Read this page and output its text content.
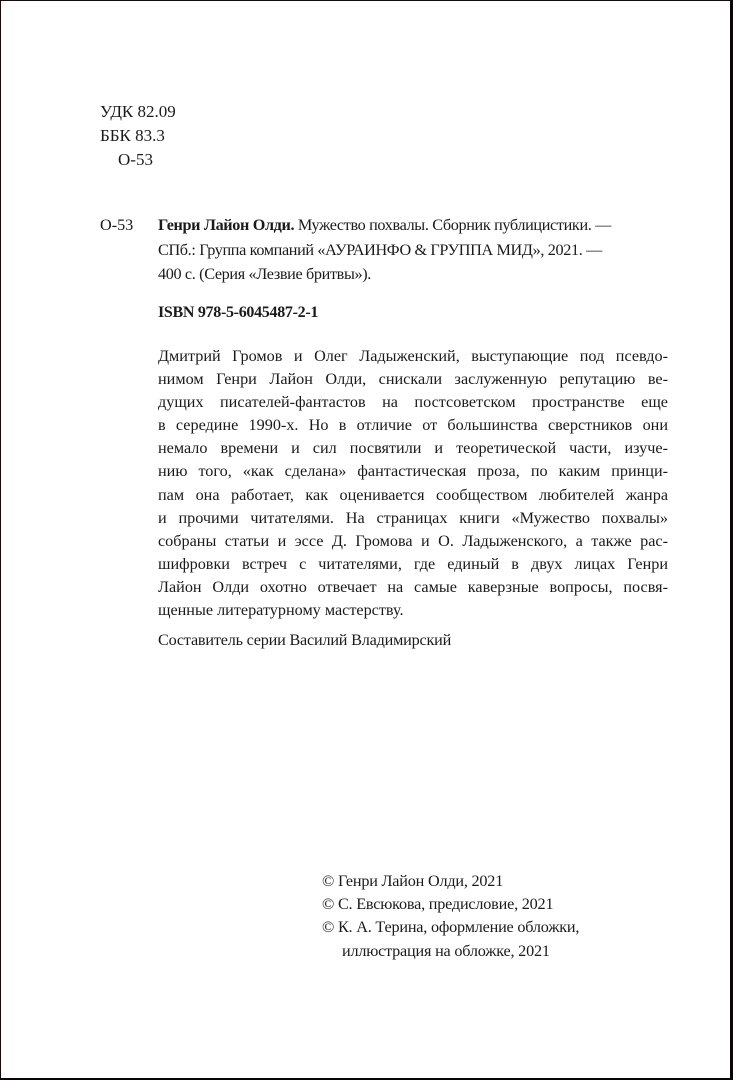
УДК 82.09
ББК 83.3
О-53
О-53 Генри Лайон Олди. Мужество похвалы. Сборник публицистики. —
СПб.: Группа компаний «АУРАИНФО & ГРУППА МИД», 2021. —
400 с. (Серия «Лезвие бритвы»).
ISBN 978-5-6045487-2-1
Дмитрий Громов и Олег Ладыженский, выступающие под псевдо-
нимом Генри Лайон Олди, снискали заслуженную репутацию ве-
дущих писателей-фантастов на постсоветском пространстве еще
в середине 1990-х. Но в отличие от большинства сверстников они
немало времени и сил посвятили и теоретической части, изуче-
нию того, «как сделана» фантастическая проза, по каким принци-
пам она работает, как оценивается сообществом любителей жанра
и прочими читателями. На страницах книги «Мужество похвалы»
собраны статьи и эссе Д. Громова и О. Ладыженского, а также рас-
шифровки встреч с читателями, где единый в двух лицах Генри
Лайон Олди охотно отвечает на самые каверзные вопросы, посвя-
щенные литературному мастерству.
Составитель серии Василий Владимирский
© Генри Лайон Олди, 2021
© С. Евсюкова, предисловие, 2021
© К. А. Терина, оформление обложки,
иллюстрация на обложке, 2021
